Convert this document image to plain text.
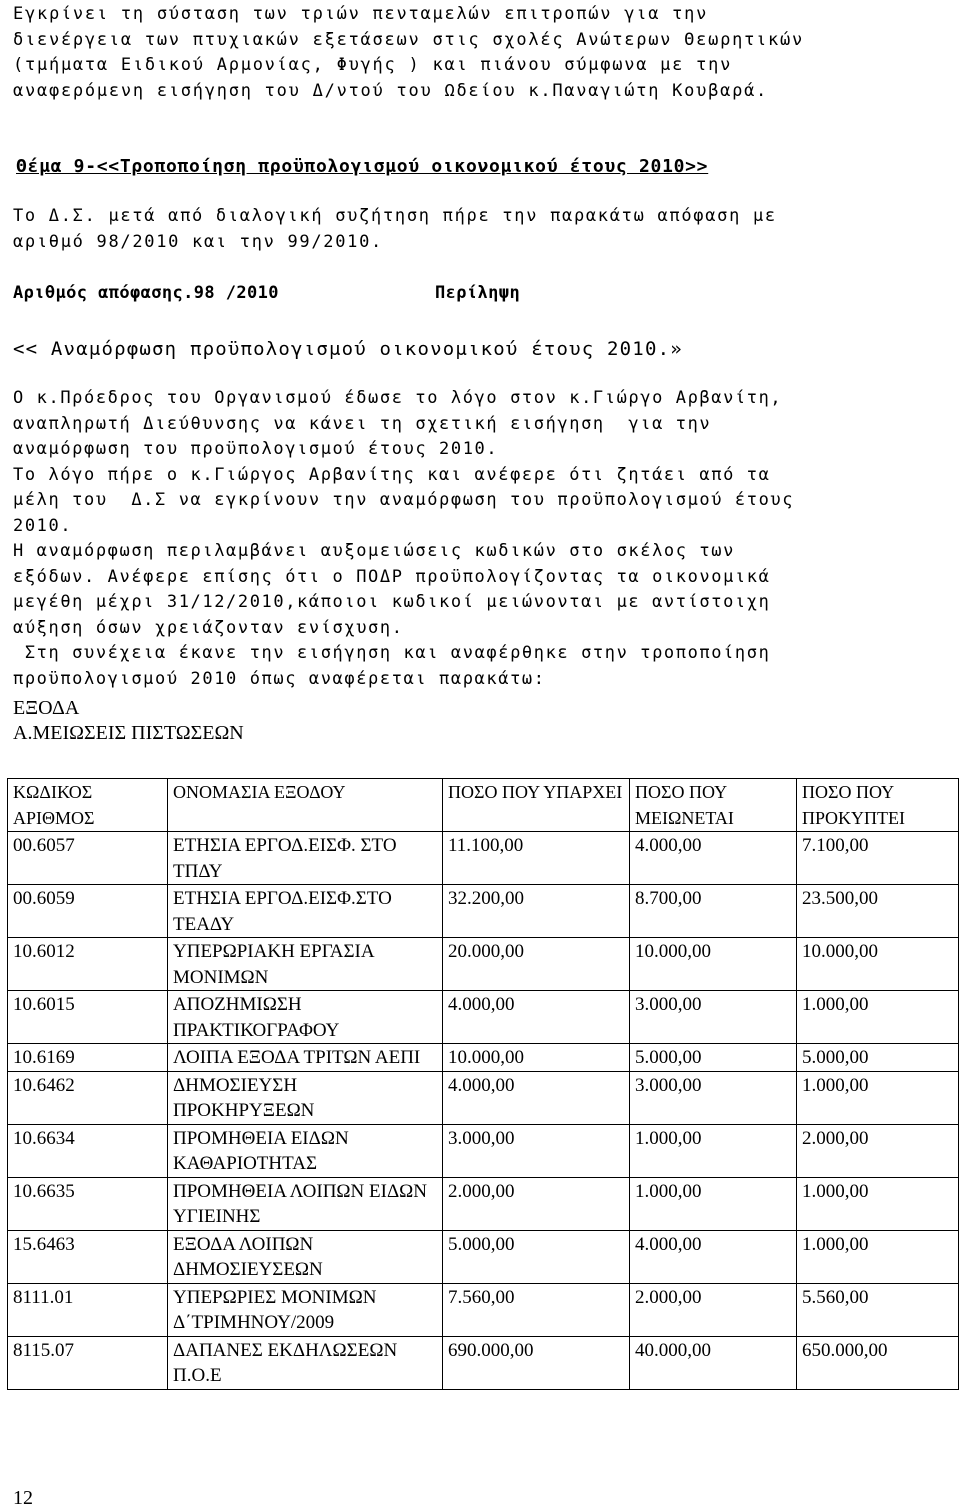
Εγκρίνει τη σύσταση των τριών πενταμελών επιτροπών για την
διενέργεια των πτυχιακών εξετάσεων στις σχολές Ανώτερων Θεωρητικών
(τμήματα Ειδικού Αρμονίας, Φυγής ) και πιάνου σύμφωνα με την
αναφερόμενη εισήγηση του Δ/ντού του Ωδείου κ.Παναγιώτη Κουβαρά.

Θέμα 9-<<Τροποποίηση προϋπολογισμού οικονομικού έτους 2010>>

Το Δ.Σ. μετά από διαλογική συζήτηση πήρε την παρακάτω απόφαση με
αριθμό 98/2010 και την 99/2010.

Αριθμός απόφασης.98 /2010	Περίληψη
<< Αναμόρφωση προϋπολογισμού οικονομικού έτους 2010.»

Ο κ.Πρόεδρος του Οργανισμού έδωσε το λόγο στον κ.Γιώργο Αρβανίτη,
αναπληρωτή Διεύθυνσης να κάνει τη σχετική εισήγηση  για την
αναμόρφωση του προϋπολογισμού έτους 2010.
Το λόγο πήρε ο κ.Γιώργος Αρβανίτης και ανέφερε ότι ζητάει από τα
μέλη του  Δ.Σ να εγκρίνουν την αναμόρφωση του προϋπολογισμού έτους
2010.
Η αναμόρφωση περιλαμβάνει αυξομειώσεις κωδικών στο σκέλος των
εξόδων. Ανέφερε επίσης ότι ο ΠΟΔΡ προϋπολογίζοντας τα οικονομικά
μεγέθη μέχρι 31/12/2010,κάποιοι κωδικοί μειώνονται με αντίστοιχη
αύξηση όσων χρειάζονταν ενίσχυση.
Στη συνέχεια έκανε την εισήγηση και αναφέρθηκε στην τροποποίηση
προϋπολογισμού 2010 όπως αναφέρεται παρακάτω:

ΕΞΟΔΑ

Α.ΜΕΙΩΣΕΙΣ ΠΙΣΤΩΣΕΩΝ

ΚΩΔΙΚΟΣ ΑΡΙΘΜΟΣ	ΟΝΟΜΑΣΙΑ ΕΞΟΔΟΥ	ΠΟΣΟ ΠΟΥ ΥΠΑΡΧΕΙ	ΠΟΣΟ ΠΟΥ ΜΕΙΩΝΕΤΑΙ	ΠΟΣΟ ΠΟΥ ΠΡΟΚΥΠΤΕΙ
00.6057	ΕΤΗΣΙΑ ΕΡΓΟΔ.ΕΙΣΦ. ΣΤΟ ΤΠΔΥ	11.100,00	4.000,00	7.100,00
00.6059	ΕΤΗΣΙΑ ΕΡΓΟΔ.ΕΙΣΦ.ΣΤΟ ΤΕΑΔΥ	32.200,00	8.700,00	23.500,00
10.6012	ΥΠΕΡΩΡΙΑΚΗ ΕΡΓΑΣΙΑ ΜΟΝΙΜΩΝ	20.000,00	10.000,00	10.000,00
10.6015	ΑΠΟΖΗΜΙΩΣΗ ΠΡΑΚΤΙΚΟΓΡΑΦΟΥ	4.000,00	3.000,00	1.000,00
10.6169	ΛΟΙΠΑ ΕΞΟΔΑ ΤΡΙΤΩΝ ΑΕΠΙ	10.000,00	5.000,00	5.000,00
10.6462	ΔΗΜΟΣΙΕΥΣΗ ΠΡΟΚΗΡΥΞΕΩΝ	4.000,00	3.000,00	1.000,00
10.6634	ΠΡΟΜΗΘΕΙΑ ΕΙΔΩΝ ΚΑΘΑΡΙΟΤΗΤΑΣ	3.000,00	1.000,00	2.000,00
10.6635	ΠΡΟΜΗΘΕΙΑ ΛΟΙΠΩΝ ΕΙΔΩΝ ΥΓΙΕΙΝΗΣ	2.000,00	1.000,00	1.000,00
15.6463	ΕΞΟΔΑ ΛΟΙΠΩΝ ΔΗΜΟΣΙΕΥΣΕΩΝ	5.000,00	4.000,00	1.000,00
8111.01	ΥΠΕΡΩΡΙΕΣ ΜΟΝΙΜΩΝ Δ΄ΤΡΙΜΗΝΟΥ/2009	7.560,00	2.000,00	5.560,00
8115.07	ΔΑΠΑΝΕΣ ΕΚΔΗΛΩΣΕΩΝ Π.Ο.Ε	690.000,00	40.000,00	650.000,00
12
